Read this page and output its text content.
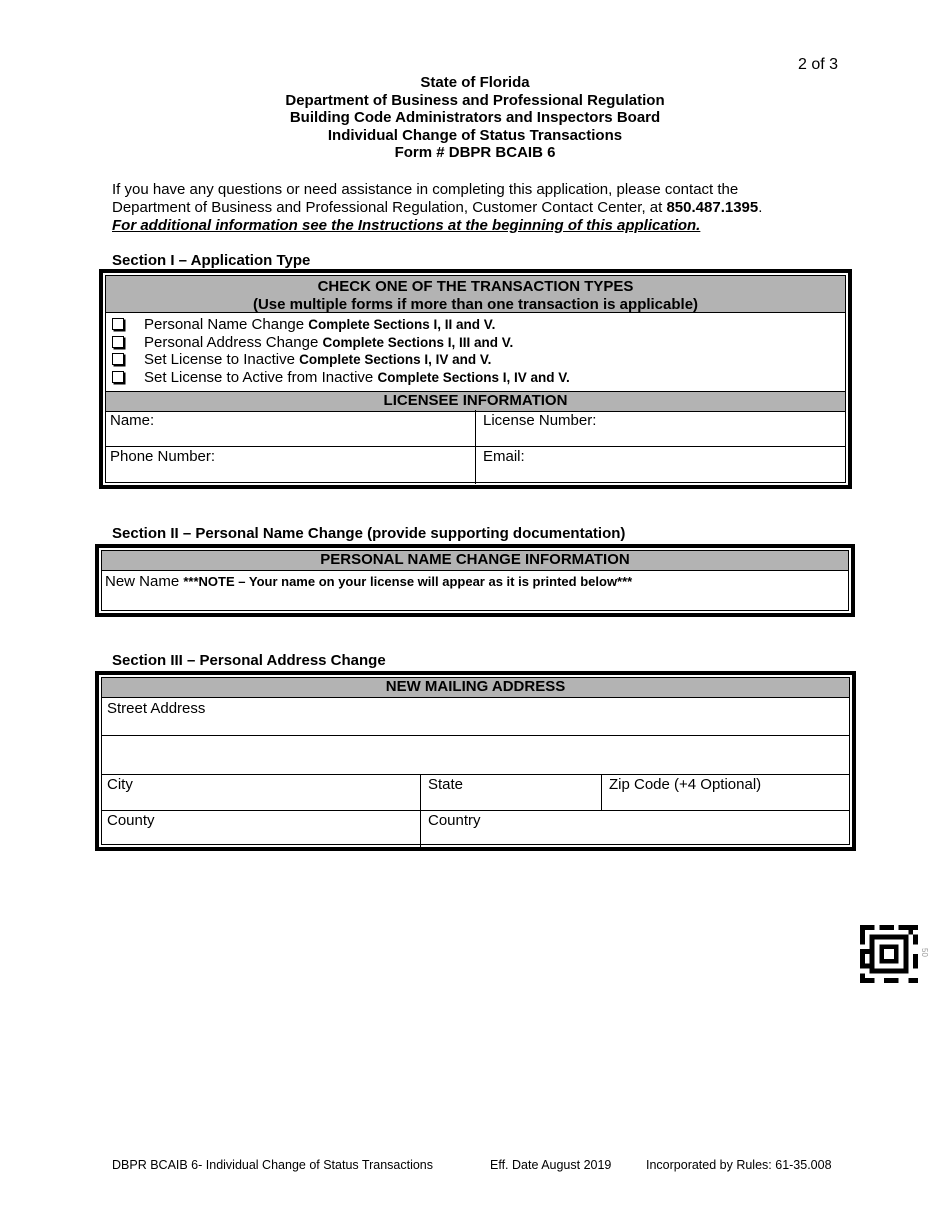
2 of 3
State of Florida
Department of Business and Professional Regulation
Building Code Administrators and Inspectors Board
Individual Change of Status Transactions
Form # DBPR BCAIB 6
If you have any questions or need assistance in completing this application, please contact the Department of Business and Professional Regulation, Customer Contact Center, at 850.487.1395.
For additional information see the Instructions at the beginning of this application.
Section I – Application Type
CHECK ONE OF THE TRANSACTION TYPES
(Use multiple forms if more than one transaction is applicable)
Personal Name Change Complete Sections I, II and V.
Personal Address Change Complete Sections I, III and V.
Set License to Inactive Complete Sections I, IV and V.
Set License to Active from Inactive Complete Sections I, IV and V.
LICENSEE INFORMATION
Name:	License Number:
Phone Number:	Email:
Section II – Personal Name Change (provide supporting documentation)
PERSONAL NAME CHANGE INFORMATION
New Name ***NOTE – Your name on your license will appear as it is printed below***
Section III – Personal Address Change
NEW MAILING ADDRESS
Street Address
City	State	Zip Code (+4 Optional)
County	Country
50
DBPR BCAIB 6- Individual Change of Status Transactions	Eff. Date August 2019	Incorporated by Rules: 61-35.008
